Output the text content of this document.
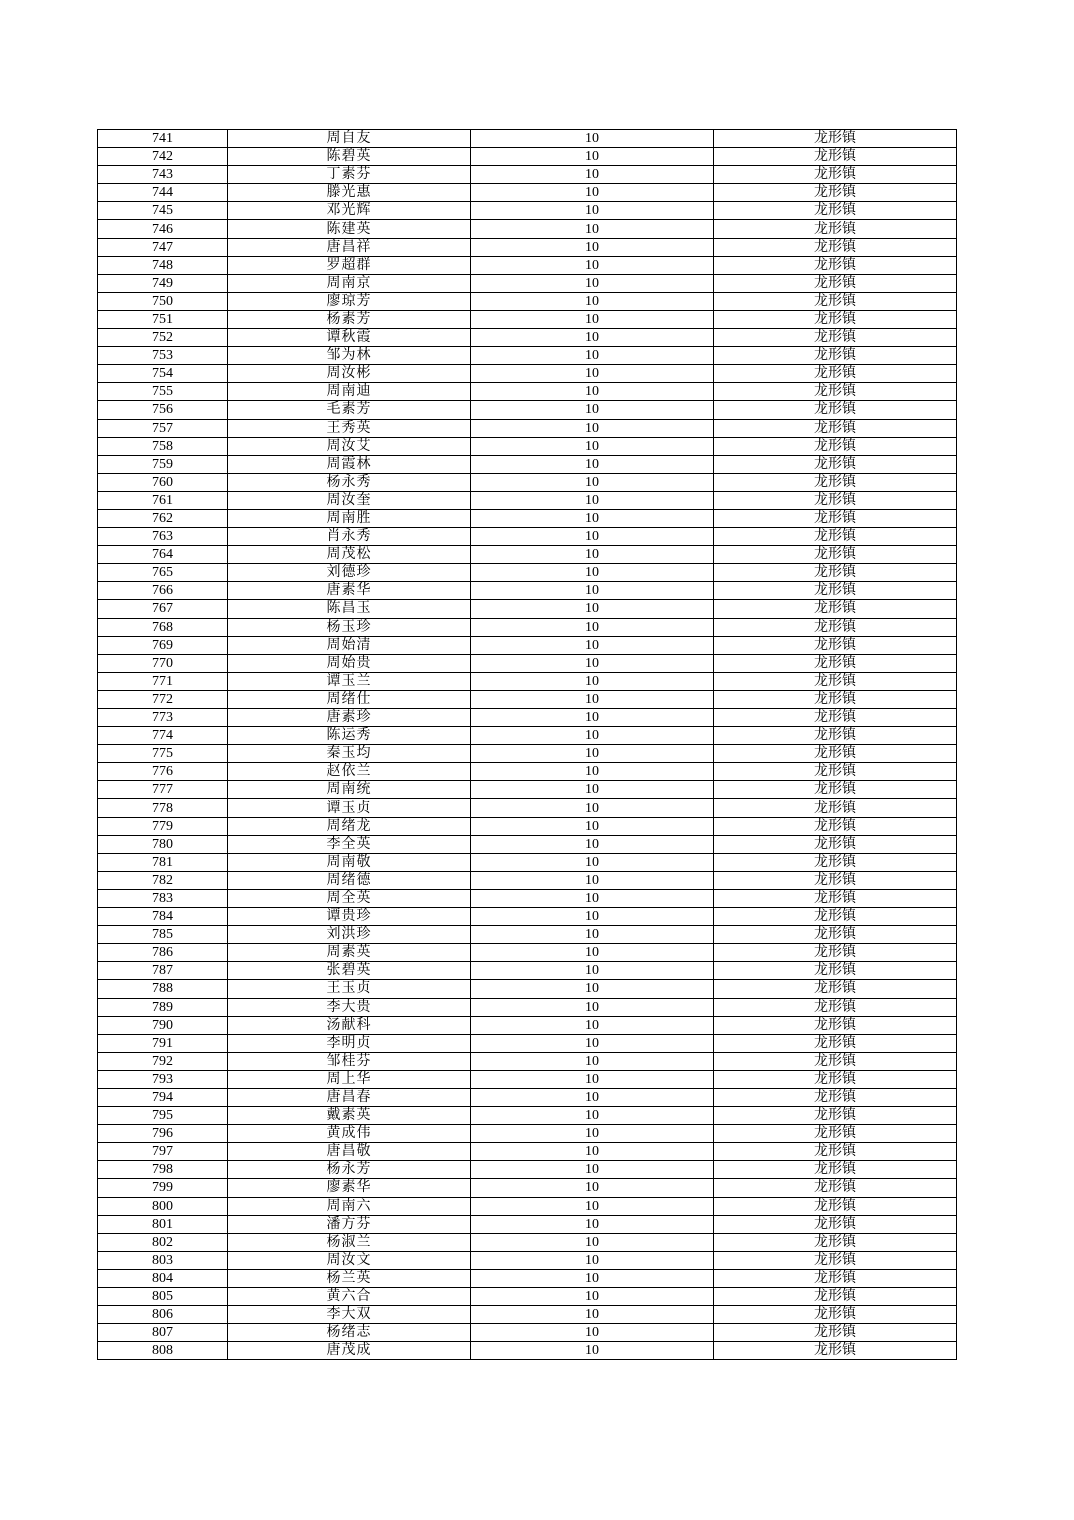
741	周自友	10	龙形镇
742	陈碧英	10	龙形镇
743	丁素芬	10	龙形镇
744	滕光惠	10	龙形镇
745	邓光辉	10	龙形镇
746	陈建英	10	龙形镇
747	唐昌祥	10	龙形镇
748	罗超群	10	龙形镇
749	周南京	10	龙形镇
750	廖琼芳	10	龙形镇
751	杨素芳	10	龙形镇
752	谭秋霞	10	龙形镇
753	邹为林	10	龙形镇
754	周汝彬	10	龙形镇
755	周南迪	10	龙形镇
756	毛素芳	10	龙形镇
757	王秀英	10	龙形镇
758	周汝艾	10	龙形镇
759	周霞林	10	龙形镇
760	杨永秀	10	龙形镇
761	周汝奎	10	龙形镇
762	周南胜	10	龙形镇
763	肖永秀	10	龙形镇
764	周茂松	10	龙形镇
765	刘德珍	10	龙形镇
766	唐素华	10	龙形镇
767	陈昌玉	10	龙形镇
768	杨玉珍	10	龙形镇
769	周始清	10	龙形镇
770	周始贵	10	龙形镇
771	谭玉兰	10	龙形镇
772	周绪仕	10	龙形镇
773	唐素珍	10	龙形镇
774	陈运秀	10	龙形镇
775	秦玉均	10	龙形镇
776	赵依兰	10	龙形镇
777	周南统	10	龙形镇
778	谭玉贞	10	龙形镇
779	周绪龙	10	龙形镇
780	李全英	10	龙形镇
781	周南敬	10	龙形镇
782	周绪德	10	龙形镇
783	周全英	10	龙形镇
784	谭贵珍	10	龙形镇
785	刘洪珍	10	龙形镇
786	周素英	10	龙形镇
787	张碧英	10	龙形镇
788	王玉贞	10	龙形镇
789	李大贵	10	龙形镇
790	汤献科	10	龙形镇
791	李明贞	10	龙形镇
792	邹桂芬	10	龙形镇
793	周上华	10	龙形镇
794	唐昌春	10	龙形镇
795	戴素英	10	龙形镇
796	黄成伟	10	龙形镇
797	唐昌敬	10	龙形镇
798	杨永芳	10	龙形镇
799	廖素华	10	龙形镇
800	周南六	10	龙形镇
801	潘方芬	10	龙形镇
802	杨淑兰	10	龙形镇
803	周汝文	10	龙形镇
804	杨兰英	10	龙形镇
805	黄六合	10	龙形镇
806	李大双	10	龙形镇
807	杨绪志	10	龙形镇
808	唐茂成	10	龙形镇
